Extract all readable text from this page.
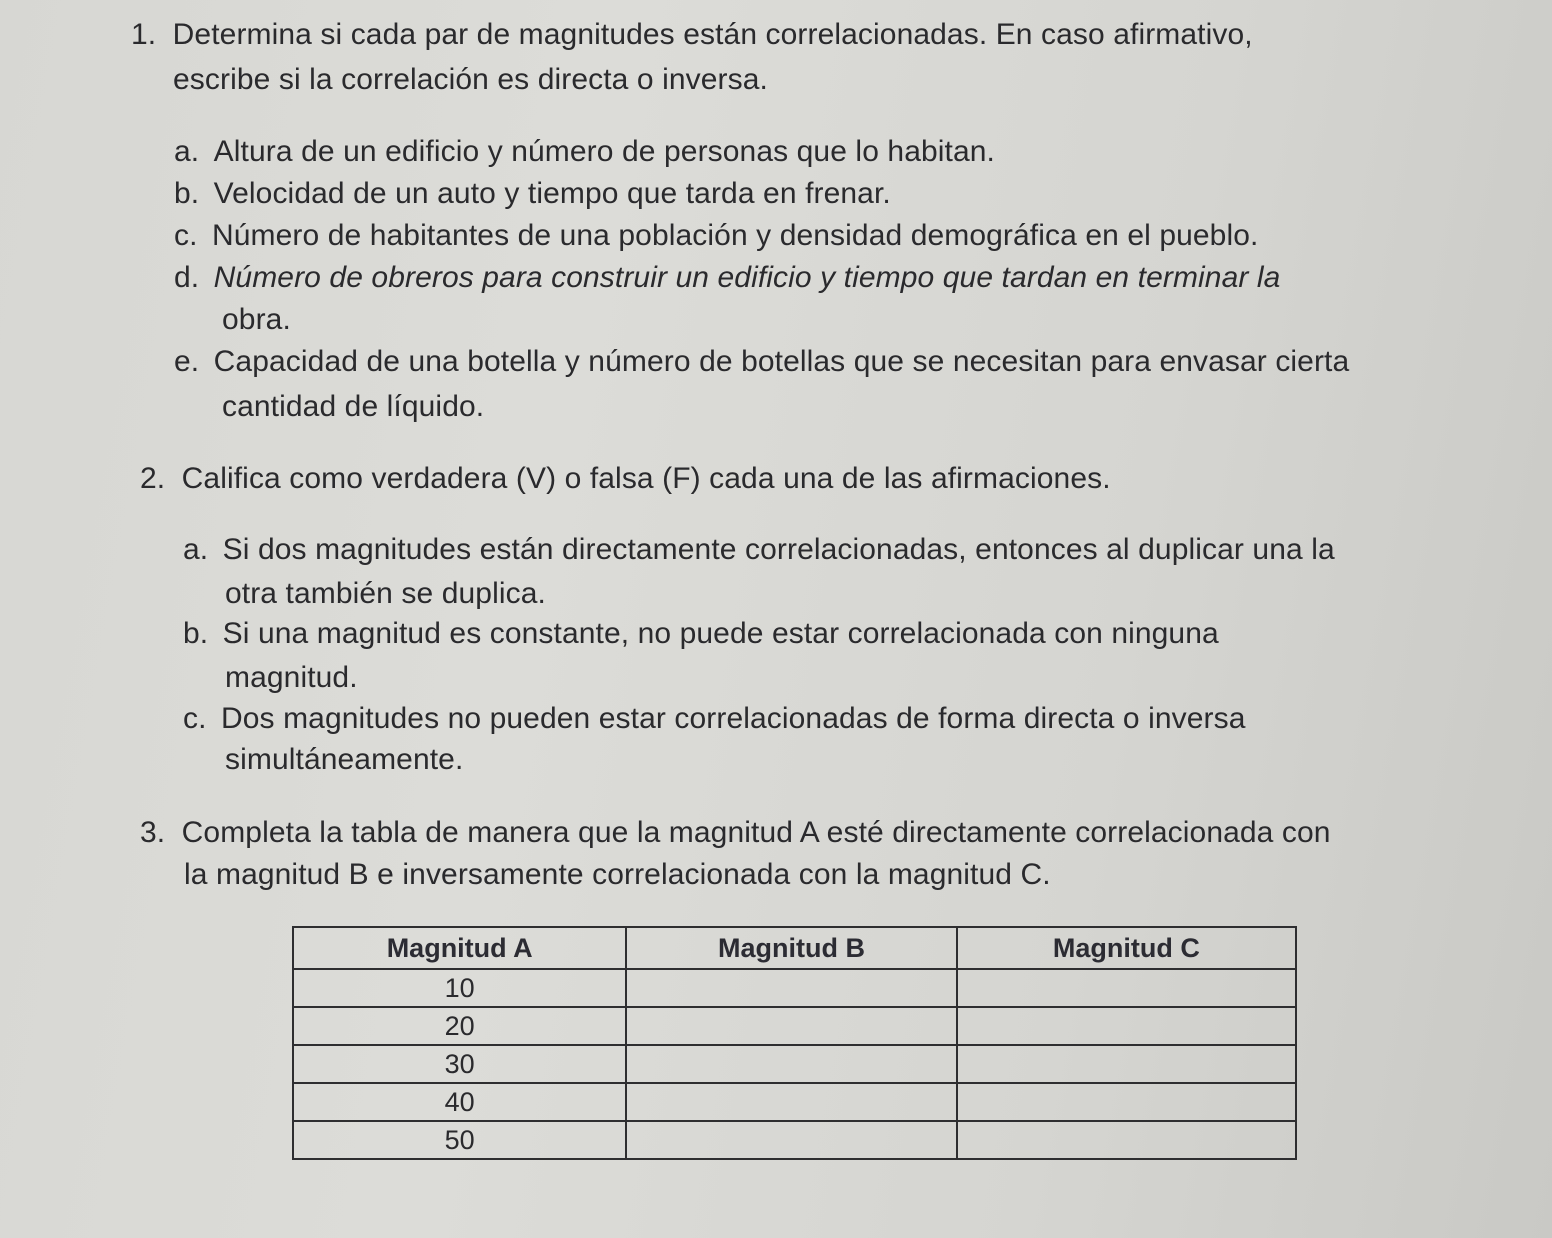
1. Determina si cada par de magnitudes están correlacionadas. En caso afirmativo,
escribe si la correlación es directa o inversa.
a. Altura de un edificio y número de personas que lo habitan.
b. Velocidad de un auto y tiempo que tarda en frenar.
c. Número de habitantes de una población y densidad demográfica en el pueblo.
d. Número de obreros para construir un edificio y tiempo que tardan en terminar la
obra.
e. Capacidad de una botella y número de botellas que se necesitan para envasar cierta
cantidad de líquido.
2. Califica como verdadera (V) o falsa (F) cada una de las afirmaciones.
a. Si dos magnitudes están directamente correlacionadas, entonces al duplicar una la
otra también se duplica.
b. Si una magnitud es constante, no puede estar correlacionada con ninguna
magnitud.
c. Dos magnitudes no pueden estar correlacionadas de forma directa o inversa
simultáneamente.
3. Completa la tabla de manera que la magnitud A esté directamente correlacionada con
la magnitud B e inversamente correlacionada con la magnitud C.
Magnitud A	Magnitud B	Magnitud C
10		
20		
30		
40		
50		
